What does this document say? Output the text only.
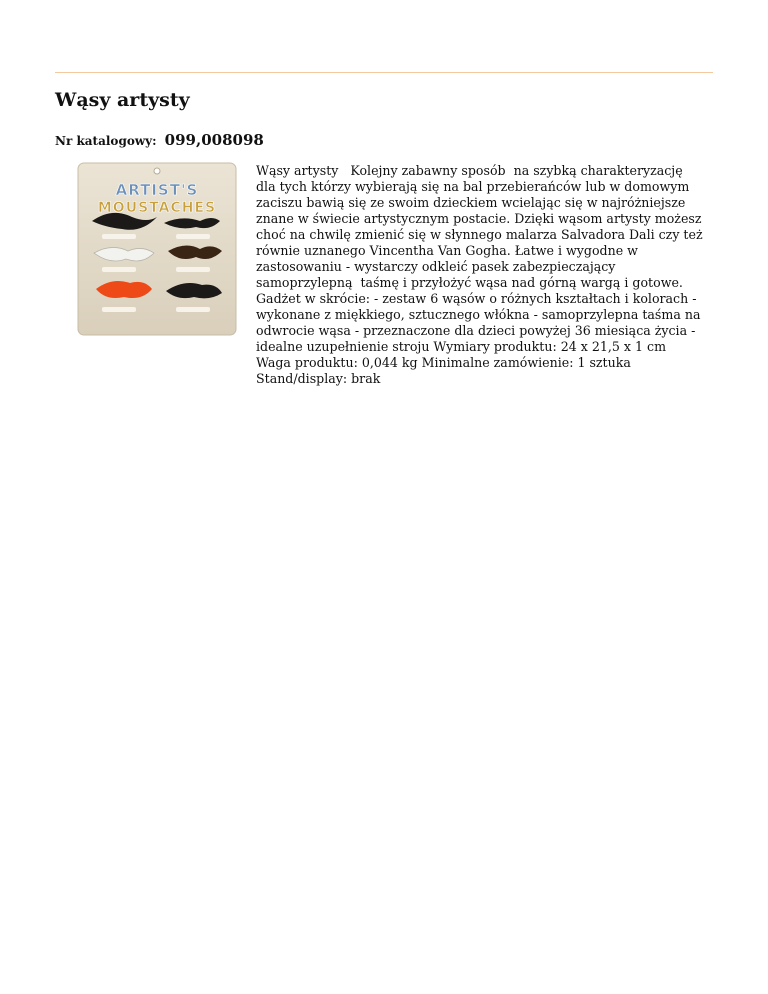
Wąsy artysty
Nr katalogowy: 099,008098
ARTIST'S
MOUSTACHES

Wąsy artysty   Kolejny zabawny sposób  na szybką charakteryzację
dla tych którzy wybierają się na bal przebierańców lub w domowym
zaciszu bawią się ze swoim dzieckiem wcielając się w najróżniejsze
znane w świecie artystycznym postacie. Dzięki wąsom artysty możesz
choć na chwilę zmienić się w słynnego malarza Salvadora Dali czy też
równie uznanego Vincentha Van Gogha. Łatwe i wygodne w
zastosowaniu - wystarczy odkleić pasek zabezpieczający
samoprzylepną  taśmę i przyłożyć wąsa nad górną wargą i gotowe.
Gadżet w skrócie: - zestaw 6 wąsów o różnych kształtach i kolorach -
wykonane z miękkiego, sztucznego włókna - samoprzylepna taśma na
odwrocie wąsa - przeznaczone dla dzieci powyżej 36 miesiąca życia -
idealne uzupełnienie stroju Wymiary produktu: 24 x 21,5 x 1 cm
Waga produktu: 0,044 kg Minimalne zamówienie: 1 sztuka
Stand/display: brak
